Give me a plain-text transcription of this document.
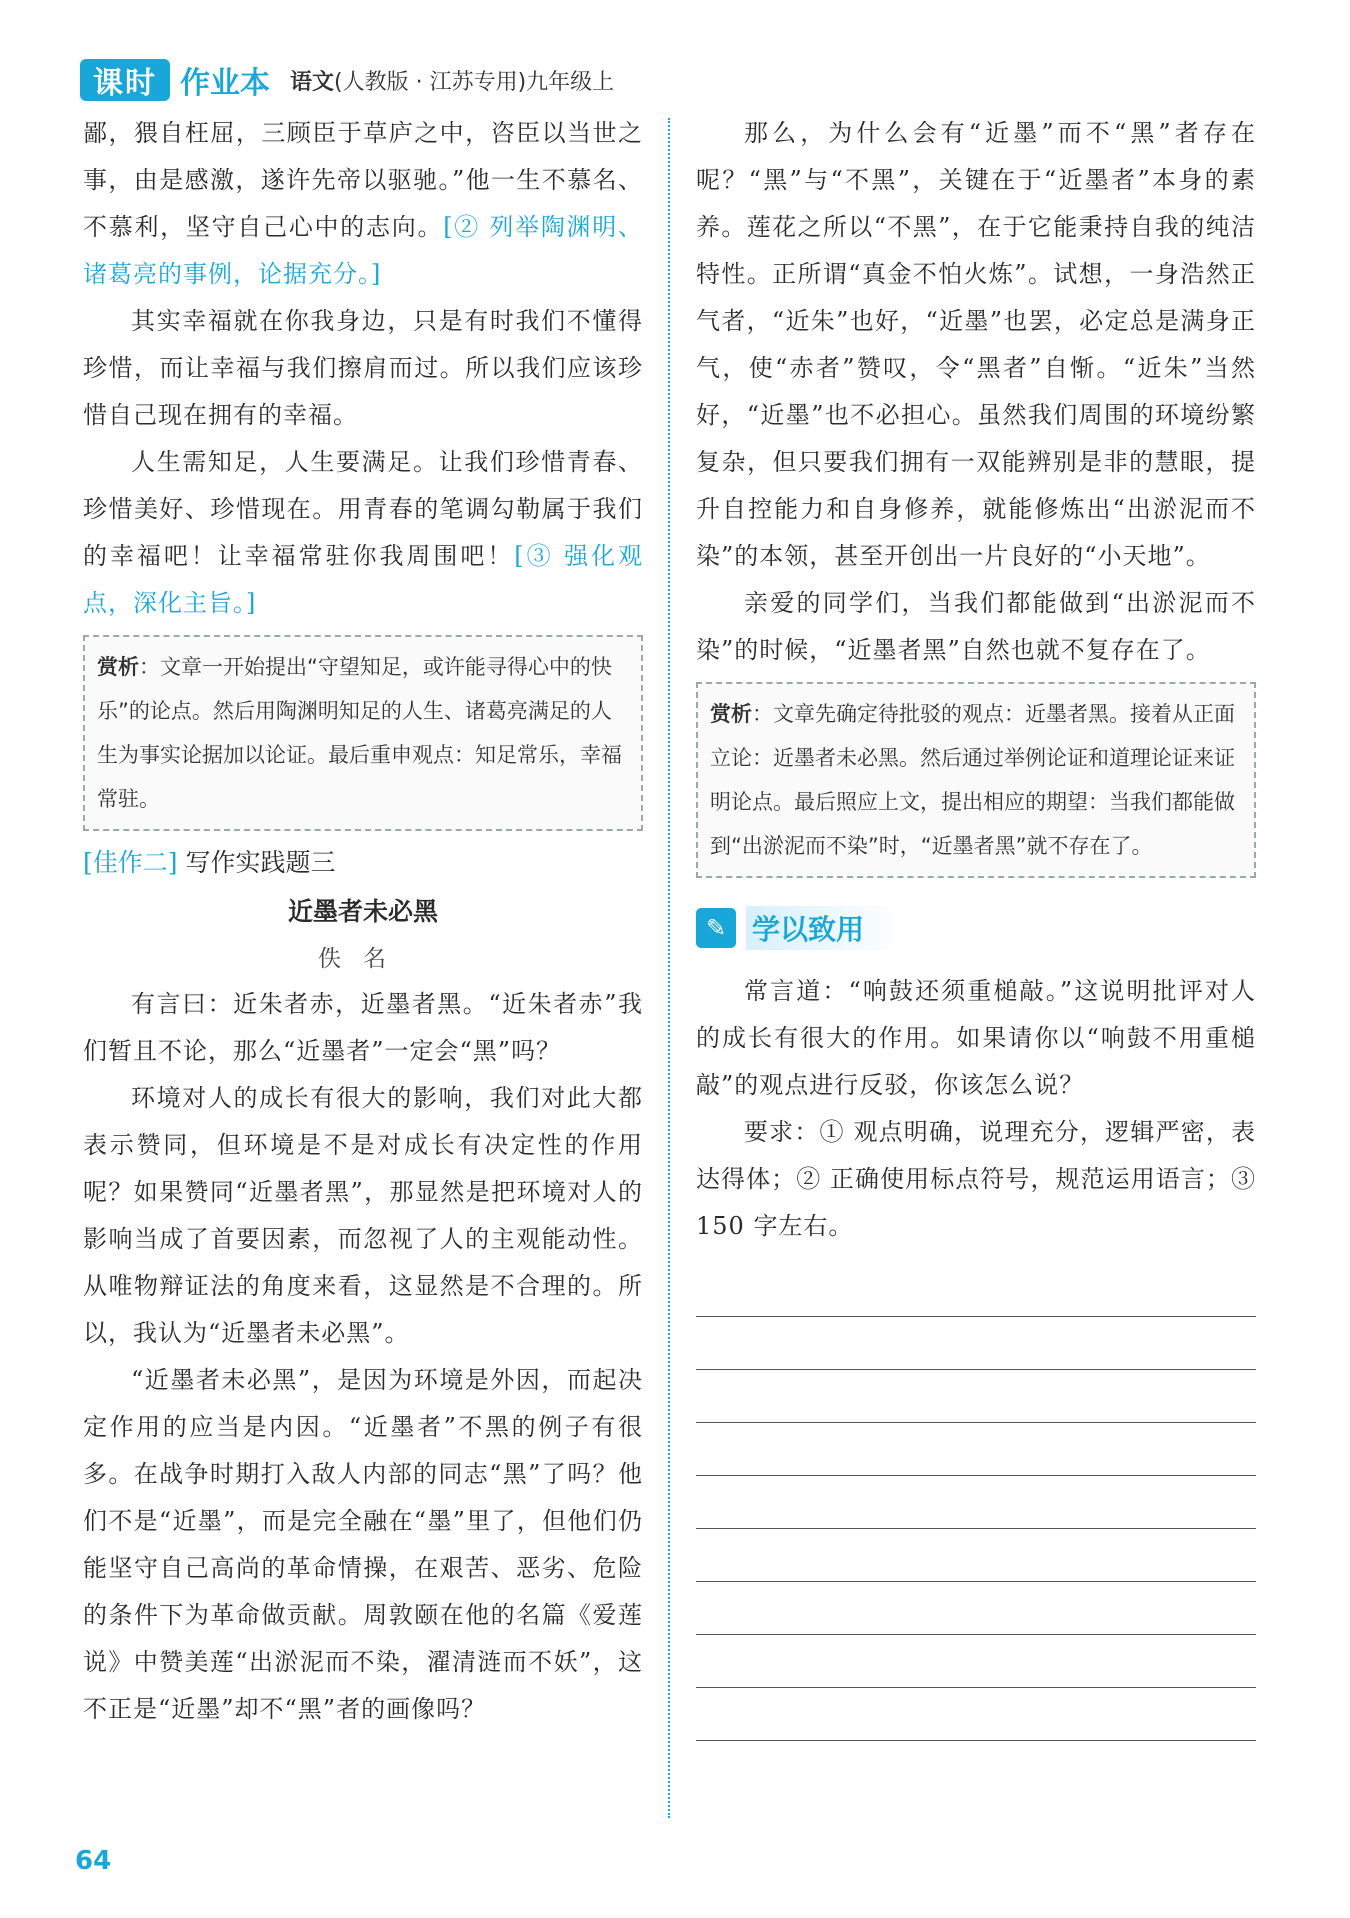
课时 作业本 语文(人教版 · 江苏专用)九年级上

鄙，猥自枉屈，三顾臣于草庐之中，咨臣以当世之事，由是感激，遂许先帝以驱驰。”他一生不慕名、不慕利，坚守自己心中的志向。[② 列举陶渊明、诸葛亮的事例，论据充分。]

其实幸福就在你我身边，只是有时我们不懂得珍惜，而让幸福与我们擦肩而过。所以我们应该珍惜自己现在拥有的幸福。

人生需知足，人生要满足。让我们珍惜青春、珍惜美好、珍惜现在。用青春的笔调勾勒属于我们的幸福吧！让幸福常驻你我周围吧！[③ 强化观点，深化主旨。]

赏析：文章一开始提出“守望知足，或许能寻得心中的快乐”的论点。然后用陶渊明知足的人生、诸葛亮满足的人生为事实论据加以论证。最后重申观点：知足常乐，幸福常驻。
[佳作二] 写作实践题三
近墨者未必黑
佚名

有言曰：近朱者赤，近墨者黑。“近朱者赤”我们暂且不论，那么“近墨者”一定会“黑”吗？

环境对人的成长有很大的影响，我们对此大都表示赞同，但环境是不是对成长有决定性的作用呢？如果赞同“近墨者黑”，那显然是把环境对人的影响当成了首要因素，而忽视了人的主观能动性。从唯物辩证法的角度来看，这显然是不合理的。所以，我认为“近墨者未必黑”。

“近墨者未必黑”，是因为环境是外因，而起决定作用的应当是内因。“近墨者”不黑的例子有很多。在战争时期打入敌人内部的同志“黑”了吗？他们不是“近墨”，而是完全融在“墨”里了，但他们仍能坚守自己高尚的革命情操，在艰苦、恶劣、危险的条件下为革命做贡献。周敦颐在他的名篇《爱莲说》中赞美莲“出淤泥而不染，濯清涟而不妖”，这不正是“近墨”却不“黑”者的画像吗？

那么，为什么会有“近墨”而不“黑”者存在呢？“黑”与“不黑”，关键在于“近墨者”本身的素养。莲花之所以“不黑”，在于它能秉持自我的纯洁特性。正所谓“真金不怕火炼”。试想，一身浩然正气者，“近朱”也好，“近墨”也罢，必定总是满身正气，使“赤者”赞叹，令“黑者”自惭。“近朱”当然好，“近墨”也不必担心。虽然我们周围的环境纷繁复杂，但只要我们拥有一双能辨别是非的慧眼，提升自控能力和自身修养，就能修炼出“出淤泥而不染”的本领，甚至开创出一片良好的“小天地”。

亲爱的同学们，当我们都能做到“出淤泥而不染”的时候，“近墨者黑”自然也就不复存在了。

赏析：文章先确定待批驳的观点：近墨者黑。接着从正面立论：近墨者未必黑。然后通过举例论证和道理论证来证明论点。最后照应上文，提出相应的期望：当我们都能做到“出淤泥而不染”时，“近墨者黑”就不存在了。
✎ 学以致用

常言道：“响鼓还须重槌敲。”这说明批评对人的成长有很大的作用。如果请你以“响鼓不用重槌敲”的观点进行反驳，你该怎么说？

要求：① 观点明确，说理充分，逻辑严密，表达得体；② 正确使用标点符号，规范运用语言；③ 150 字左右。

64
